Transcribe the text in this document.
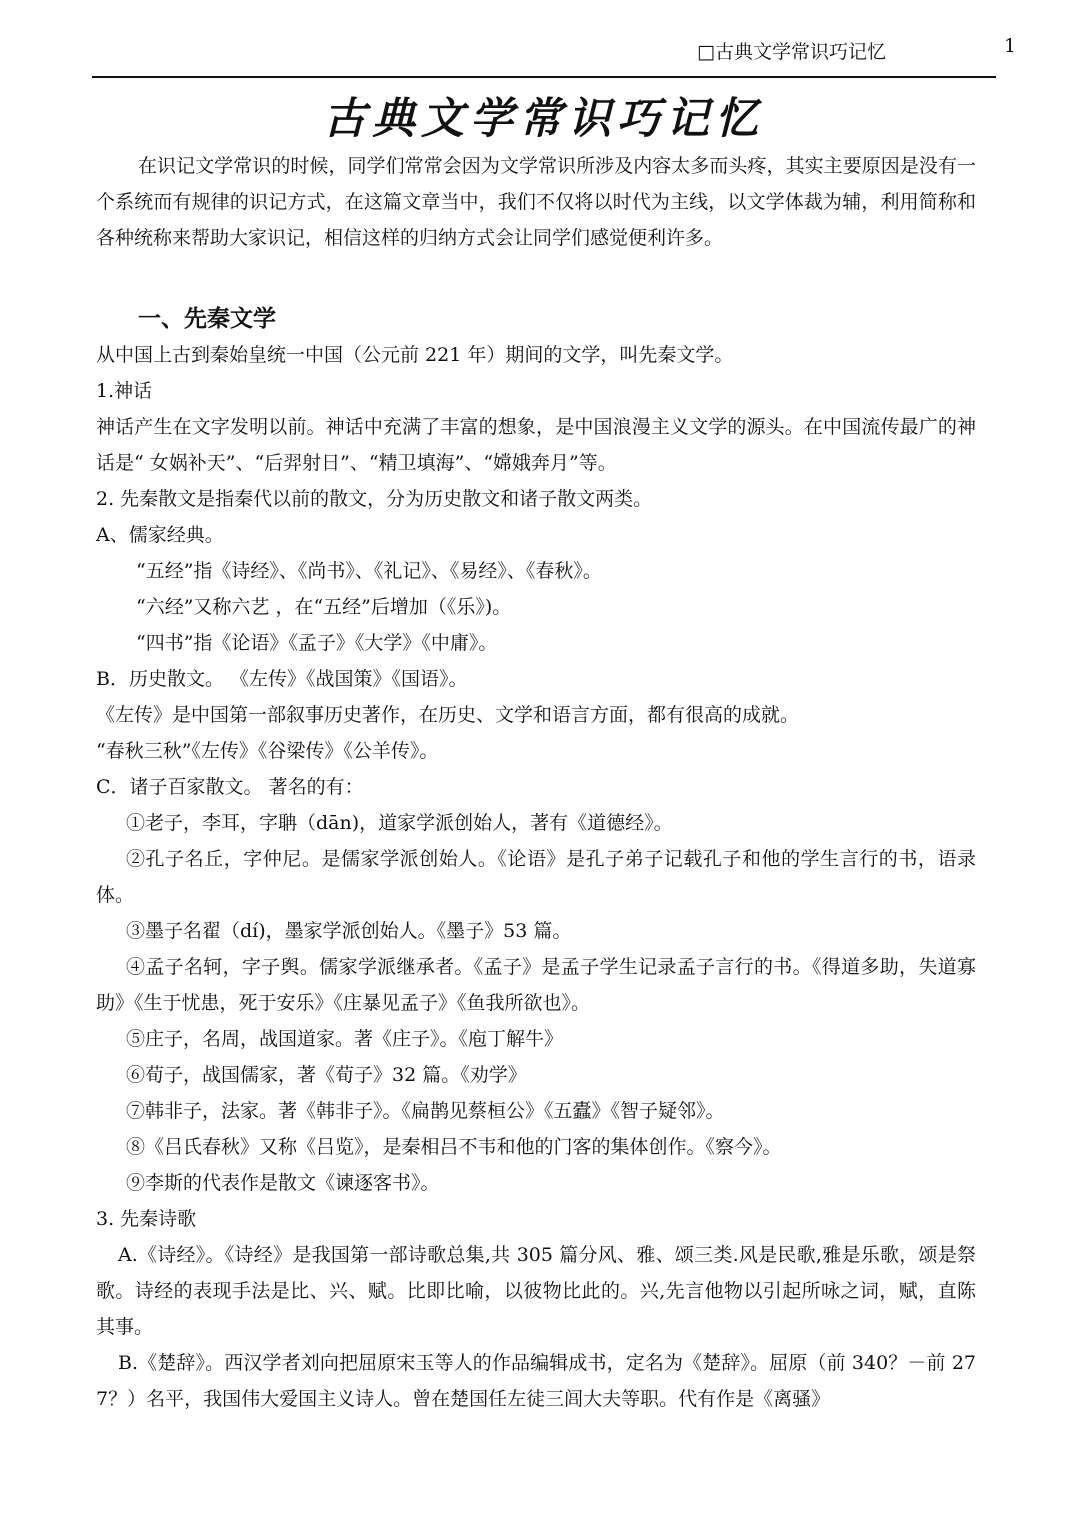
□古典文学常识巧记忆	1
古典文学常识巧记忆

在识记文学常识的时候，同学们常常会因为文学常识所涉及内容太多而头疼，其实主要原因是没有一个系统而有规律的识记方式，在这篇文章当中，我们不仅将以时代为主线，以文学体裁为辅，利用简称和各种统称来帮助大家识记，相信这样的归纳方式会让同学们感觉便利许多。

一、先秦文学

从中国上古到秦始皇统一中国（公元前 221 年）期间的文学，叫先秦文学。

1.神话

神话产生在文字发明以前。神话中充满了丰富的想象，是中国浪漫主义文学的源头。在中国流传最广的神话是“ 女娲补天”、“后羿射日”、“精卫填海”、“嫦娥奔月”等。

2. 先秦散文是指秦代以前的散文，分为历史散文和诸子散文两类。

A、儒家经典。

“五经”指《诗经》、《尚书》、《礼记》、《易经》、《春秋》。

“六经”又称六艺 ，在“五经”后增加（《乐》)。

“四书”指《论语》《孟子》《大学》《中庸》。

B．历史散文。 《左传》《战国策》《国语》。

《左传》是中国第一部叙事历史著作，在历史、文学和语言方面，都有很高的成就。

“春秋三秋”《左传》《谷梁传》《公羊传》。

C．诸子百家散文。 著名的有：

①老子，李耳，字聃（dān)，道家学派创始人，著有《道德经》。

②孔子名丘，字仲尼。是儒家学派创始人。《论语》是孔子弟子记载孔子和他的学生言行的书，语录体。

③墨子名翟（dí)，墨家学派创始人。《墨子》53 篇。

④孟子名轲，字子舆。儒家学派继承者。《孟子》是孟子学生记录孟子言行的书。《得道多助，失道寡助》《生于忧患，死于安乐》《庄暴见孟子》《鱼我所欲也》。

⑤庄子，名周，战国道家。著《庄子》。《庖丁解牛》

⑥荀子，战国儒家，著《荀子》32 篇。《劝学》

⑦韩非子，法家。著《韩非子》。《扁鹊见蔡桓公》《五蠹》《智子疑邻》。

⑧《吕氏春秋》又称《吕览》，是秦相吕不韦和他的门客的集体创作。《察今》。

⑨李斯的代表作是散文《谏逐客书》。

3. 先秦诗歌

A.《诗经》。《诗经》是我国第一部诗歌总集,共 305 篇分风、雅、颂三类.风是民歌,雅是乐歌，颂是祭歌。诗经的表现手法是比、兴、赋。比即比喻，以彼物比此的。兴,先言他物以引起所咏之词，赋，直陈其事。

B.《楚辞》。西汉学者刘向把屈原宋玉等人的作品编辑成书，定名为《楚辞》。屈原（前 340？－前 277？）名平，我国伟大爱国主义诗人。曾在楚国任左徒三闾大夫等职。代有作是《离骚》
